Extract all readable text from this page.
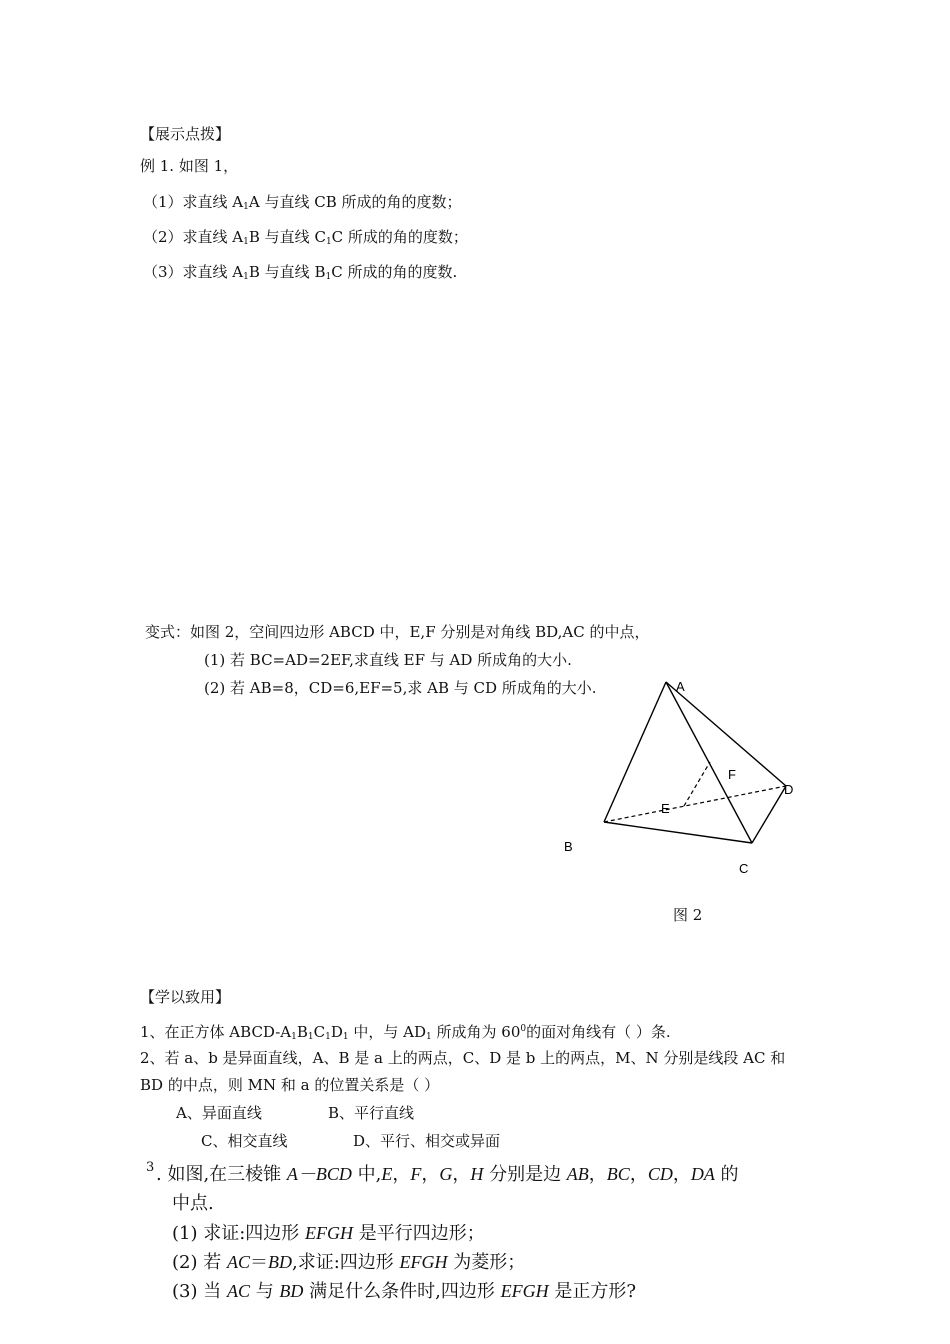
【展示点拨】
例 1. 如图 1，
（1）求直线 $A_1A$ 与直线 CB 所成的角的度数；
（2）求直线 $A_1B$ 与直线 $C_1C$ 所成的角的度数；
（3）求直线 $A_1B$ 与直线 $B_1C$ 所成的角的度数.
变式：如图 2，空间四边形 ABCD 中，E,F 分别是对角线 BD,AC 的中点，
(1) 若 BC=AD=2EF,求直线 EF 与 AD 所成角的大小.
(2) 若 AB=8，CD=6,EF=5,求 AB 与 CD 所成角的大小.	A
B
C
D
E
F
图 2
【学以致用】
1、在正方体 ABCD-$A_1B_1C_1D_1$ 中，与 $AD_1$ 所成角为 $60^0$的面对角线有（ ）条.
2、若 a、b 是异面直线，A、B 是 a 上的两点，C、D 是 b 上的两点，M、N 分别是线段 AC 和
BD 的中点，则 MN 和 a 的位置关系是（ ）
A、异面直线	B、平行直线
C、相交直线	D、平行、相交或异面
3 . 如图,在三棱锥 A－BCD 中,E，F，G，H 分别是边 AB，BC，CD，DA 的
中点.
(1) 求证:四边形 EFGH 是平行四边形；
(2) 若 AC＝BD,求证:四边形 EFGH 为菱形；
(3) 当 AC 与 BD 满足什么条件时,四边形 EFGH 是正方形?
